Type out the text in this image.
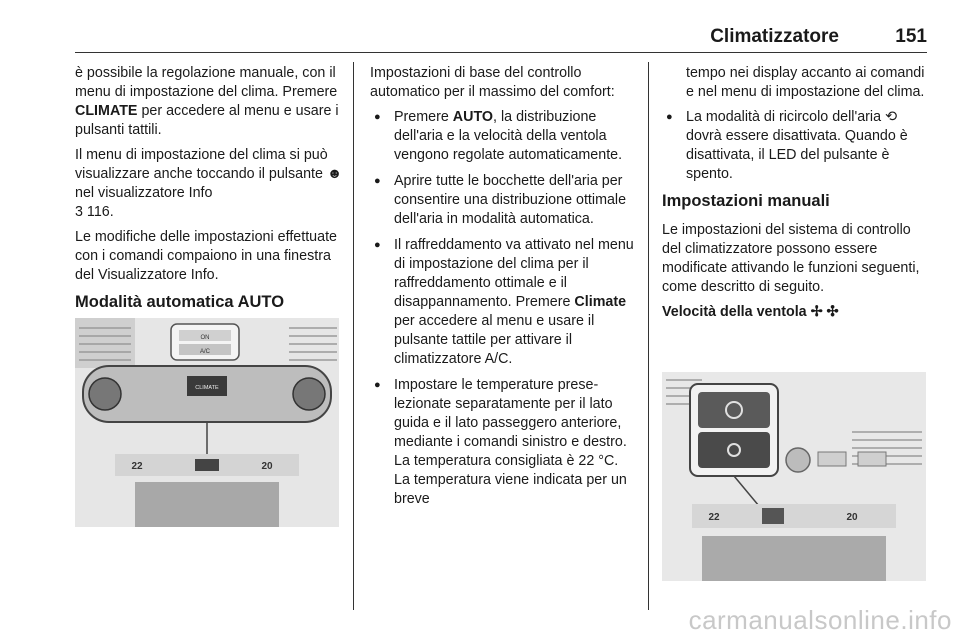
Climatizzatore	151

è possibile la regolazione manuale, con il menu di impostazione del clima. Premere CLIMATE per accedere al menu e usare i pulsanti tattili.

Il menu di impostazione del clima si può visualizzare anche toccando il pulsante ☻ nel visualizzatore Info
3 116.

Le modifiche delle impostazioni effettuate con i comandi compaiono in una finestra del Visualizzatore Info.

Modalità automatica AUTO
ON
A/C
CLIMATE
22	20

Impostazioni di base del controllo automatico per il massimo del comfort:

● Premere AUTO, la distribuzione dell'aria e la velocità della ventola vengono regolate automaticamente.
● Aprire tutte le bocchette dell'aria per consentire una distribuzione ottimale dell'aria in modalità automatica.
● Il raffreddamento va attivato nel menu di impostazione del clima per il raffreddamento ottimale e il disappannamento. Premere Climate per accedere al menu e usare il pulsante tattile per attivare il climatizzatore A/C.
● Impostare le temperature preselezionate separatamente per il lato guida e il lato passeggero anteriore, mediante i comandi sinistro e destro. La temperatura consigliata è 22 °C. La temperatura viene indicata per un breve

tempo nei display accanto ai comandi e nel menu di impostazione del clima.

● La modalità di ricircolo dell'aria ⟲ dovrà essere disattivata. Quando è disattivata, il LED del pulsante è spento.
Impostazioni manuali

Le impostazioni del sistema di controllo del climatizzatore possono essere modificate attivando le funzioni seguenti, come descritto di seguito.

Velocità della ventola ✢ ✣
22	20
carmanualsonline.info
